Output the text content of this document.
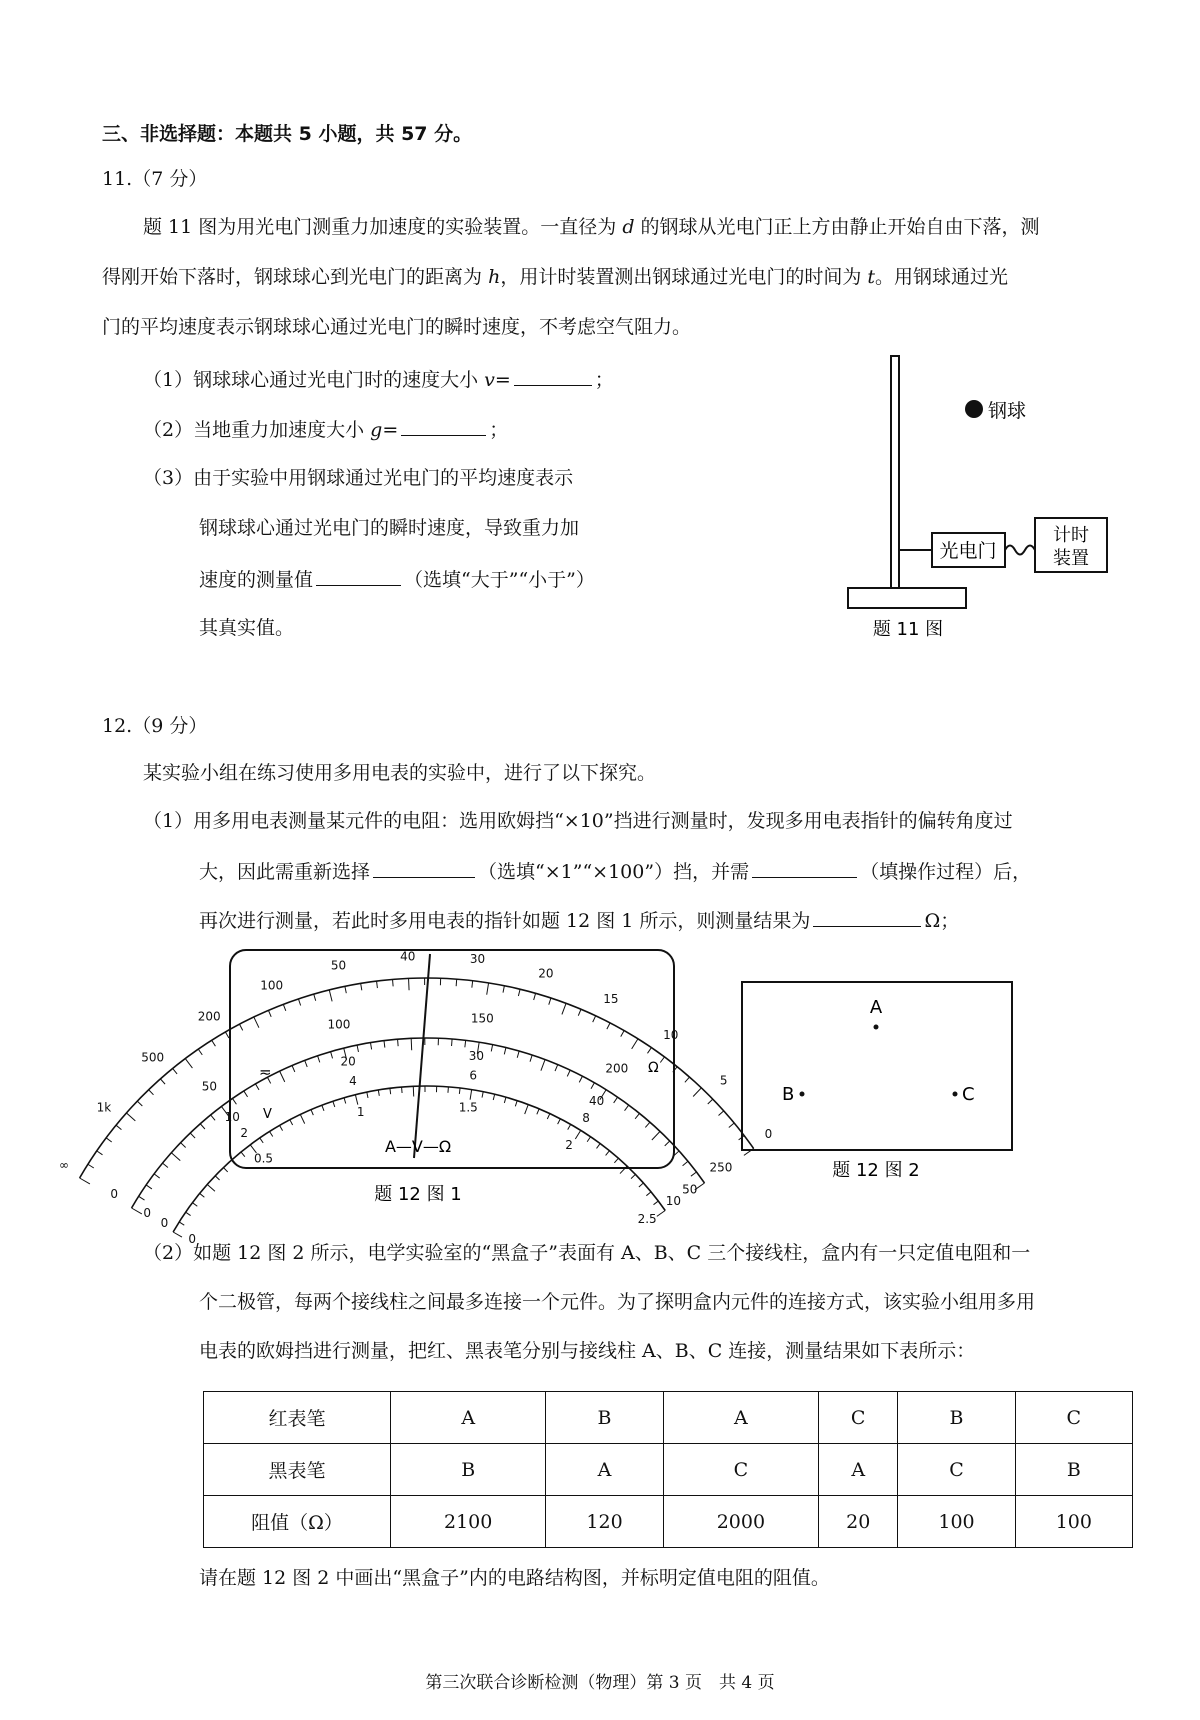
三、非选择题：本题共 5 小题，共 57 分。
11.（7 分）
题 11 图为用光电门测重力加速度的实验装置。一直径为 d 的钢球从光电门正上方由静止开始自由下落，测
得刚开始下落时，钢球球心到光电门的距离为 h，用计时装置测出钢球通过光电门的时间为 t。用钢球通过光
门的平均速度表示钢球球心通过光电门的瞬时速度，不考虑空气阻力。
（1）钢球球心通过光电门时的速度大小 v=	；
（2）当地重力加速度大小 g=	；
（3）由于实验中用钢球通过光电门的平均速度表示
钢球球心通过光电门的瞬时速度，导致重力加
速度的测量值	（选填“大于”“小于”）
其真实值。
钢球
光电门
计时
装置
题 11 图
12.（9 分）
某实验小组在练习使用多用电表的实验中，进行了以下探究。
（1）用多用电表测量某元件的电阻：选用欧姆挡“×10”挡进行测量时，发现多用电表指针的偏转角度过
大，因此需重新选择	（选填“×1”“×100”）挡，并需	（填操作过程）后，
再次进行测量，若此时多用电表的指针如题 12 图 1 所示，则测量结果为	Ω；
∞
1k
500
200
100
50
40	30
20
15
10
5
0
0
50
100	150
200
250
0
10
20	30
40
50
0
2
4	6
8
10
0
0.5
1	1.5
2
2.5
≂
V
Ω
A—V—Ω
题 12 图 1
A
B	C
题 12 图 2
（2）如题 12 图 2 所示，电学实验室的“黑盒子”表面有 A、B、C 三个接线柱，盒内有一只定值电阻和一
个二极管，每两个接线柱之间最多连接一个元件。为了探明盒内元件的连接方式，该实验小组用多用
电表的欧姆挡进行测量，把红、黑表笔分别与接线柱 A、B、C 连接，测量结果如下表所示：
红表笔	A	B	A	C	B	C
黑表笔	B	A	C	A	C	B
阻值（Ω）	2100	120	2000	20	100	100
请在题 12 图 2 中画出“黑盒子”内的电路结构图，并标明定值电阻的阻值。
第三次联合诊断检测（物理）第 3 页　共 4 页
